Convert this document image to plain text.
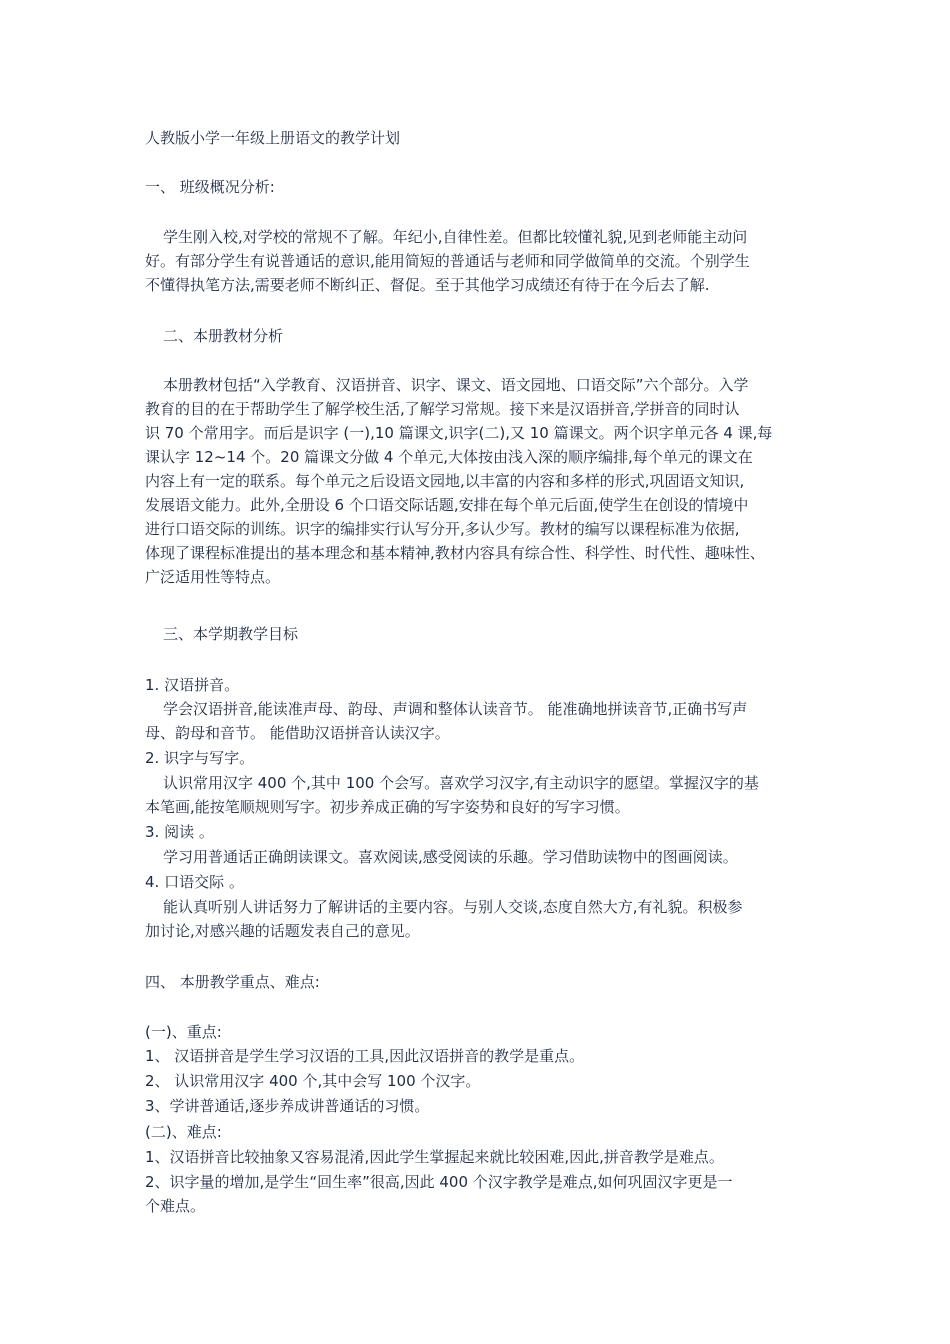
人教版小学一年级上册语文的教学计划
一、 班级概况分析:
学生刚入校,对学校的常规不了解。年纪小,自律性差。但都比较懂礼貌,见到老师能主动问
好。有部分学生有说普通话的意识,能用简短的普通话与老师和同学做简单的交流。个别学生
不懂得执笔方法,需要老师不断纠正、督促。至于其他学习成绩还有待于在今后去了解.
二、本册教材分析
本册教材包括“入学教育、汉语拼音、识字、课文、语文园地、口语交际”六个部分。入学
教育的目的在于帮助学生了解学校生活,了解学习常规。接下来是汉语拼音,学拼音的同时认
识 70 个常用字。而后是识字 (一),10 篇课文,识字(二),又 10 篇课文。两个识字单元各 4 课,每
课认字 12~14 个。20 篇课文分做 4 个单元,大体按由浅入深的顺序编排,每个单元的课文在
内容上有一定的联系。每个单元之后设语文园地,以丰富的内容和多样的形式,巩固语文知识,
发展语文能力。此外,全册设 6 个口语交际话题,安排在每个单元后面,使学生在创设的情境中
进行口语交际的训练。识字的编排实行认写分开,多认少写。教材的编写以课程标准为依据,
体现了课程标准提出的基本理念和基本精神,教材内容具有综合性、科学性、时代性、趣味性、
广泛适用性等特点。
三、本学期教学目标
1. 汉语拼音。
学会汉语拼音,能读准声母、韵母、声调和整体认读音节。 能准确地拼读音节,正确书写声
母、韵母和音节。 能借助汉语拼音认读汉字。
2. 识字与写字。
认识常用汉字 400 个,其中 100 个会写。喜欢学习汉字,有主动识字的愿望。掌握汉字的基
本笔画,能按笔顺规则写字。初步养成正确的写字姿势和良好的写字习惯。
3. 阅读 。
学习用普通话正确朗读课文。喜欢阅读,感受阅读的乐趣。学习借助读物中的图画阅读。
4. 口语交际 。
能认真听别人讲话努力了解讲话的主要内容。与别人交谈,态度自然大方,有礼貌。积极参
加讨论,对感兴趣的话题发表自己的意见。
四、 本册教学重点、难点:
(一)、重点:
1、 汉语拼音是学生学习汉语的工具,因此汉语拼音的教学是重点。
2、 认识常用汉字 400 个,其中会写 100 个汉字。
3、学讲普通话,逐步养成讲普通话的习惯。
(二)、难点:
1、汉语拼音比较抽象又容易混淆,因此学生掌握起来就比较困难,因此,拼音教学是难点。
2、识字量的增加,是学生“回生率”很高,因此 400 个汉字教学是难点,如何巩固汉字更是一
个难点。
